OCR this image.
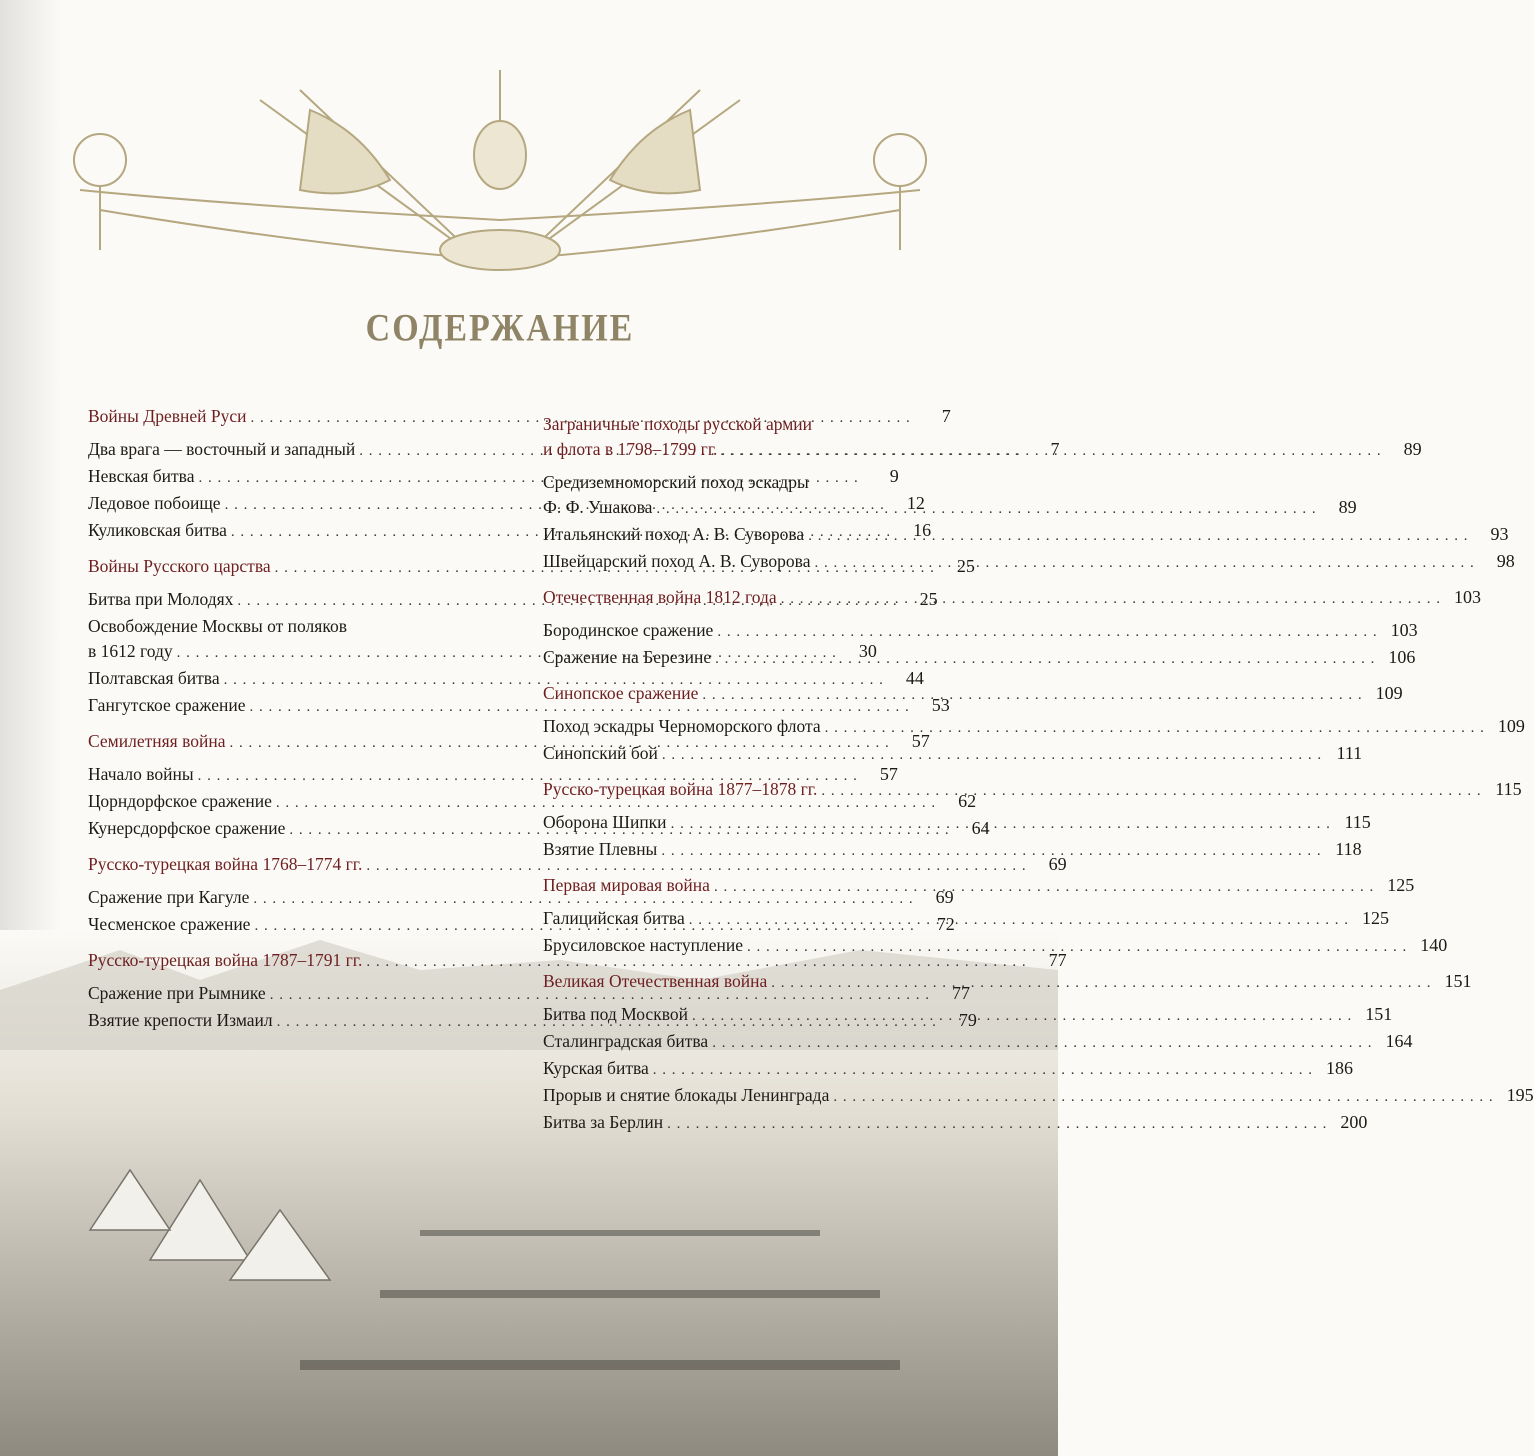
СОДЕРЖАНИЕ
Войны Древней Руси . . .	7
Два врага — восточный и западный . . .	7
Невская битва . . .	9
Ледовое побоище . . .	12
Куликовская битва . . .	16
Войны Русского царства . . .	25
Битва при Молодях . . .	25
Освобождение Москвы от поляков
в 1612 году . . .	30
Полтавская битва . . .	44
Гангутское сражение . . .	53
Семилетняя война . . .	57
Начало войны . . .	57
Цорндорфское сражение . . .	62
Кунерсдорфское сражение . . .	64
Русско-турецкая война 1768–1774 гг. . . .	69
Сражение при Кагуле . . .	69
Чесменское сражение . . .	72
Русско-турецкая война 1787–1791 гг. . . .	77
Сражение при Рымнике . . .	77
Взятие крепости Измаил . . .	79
Заграничные походы русской армии
и флота в 1798–1799 гг. . . .	89
Средиземноморский поход эскадры
Ф. Ф. Ушакова . . .	89
Итальянский поход А. В. Суворова . . .	93
Швейцарский поход А. В. Суворова . . .	98
Отечественная война 1812 года . . .	103
Бородинское сражение . . .	103
Сражение на Березине . . .	106
Синопское сражение . . .	109
Поход эскадры Черноморского флота . . .	109
Синопский бой . . .	111
Русско-турецкая война 1877–1878 гг. . . .	115
Оборона Шипки . . .	115
Взятие Плевны . . .	118
Первая мировая война . . .	125
Галицийская битва . . .	125
Брусиловское наступление . . .	140
Великая Отечественная война . . .	151
Битва под Москвой . . .	151
Сталинградская битва . . .	164
Курская битва . . .	186
Прорыв и снятие блокады Ленинграда . . .	195
Битва за Берлин . . .	200
